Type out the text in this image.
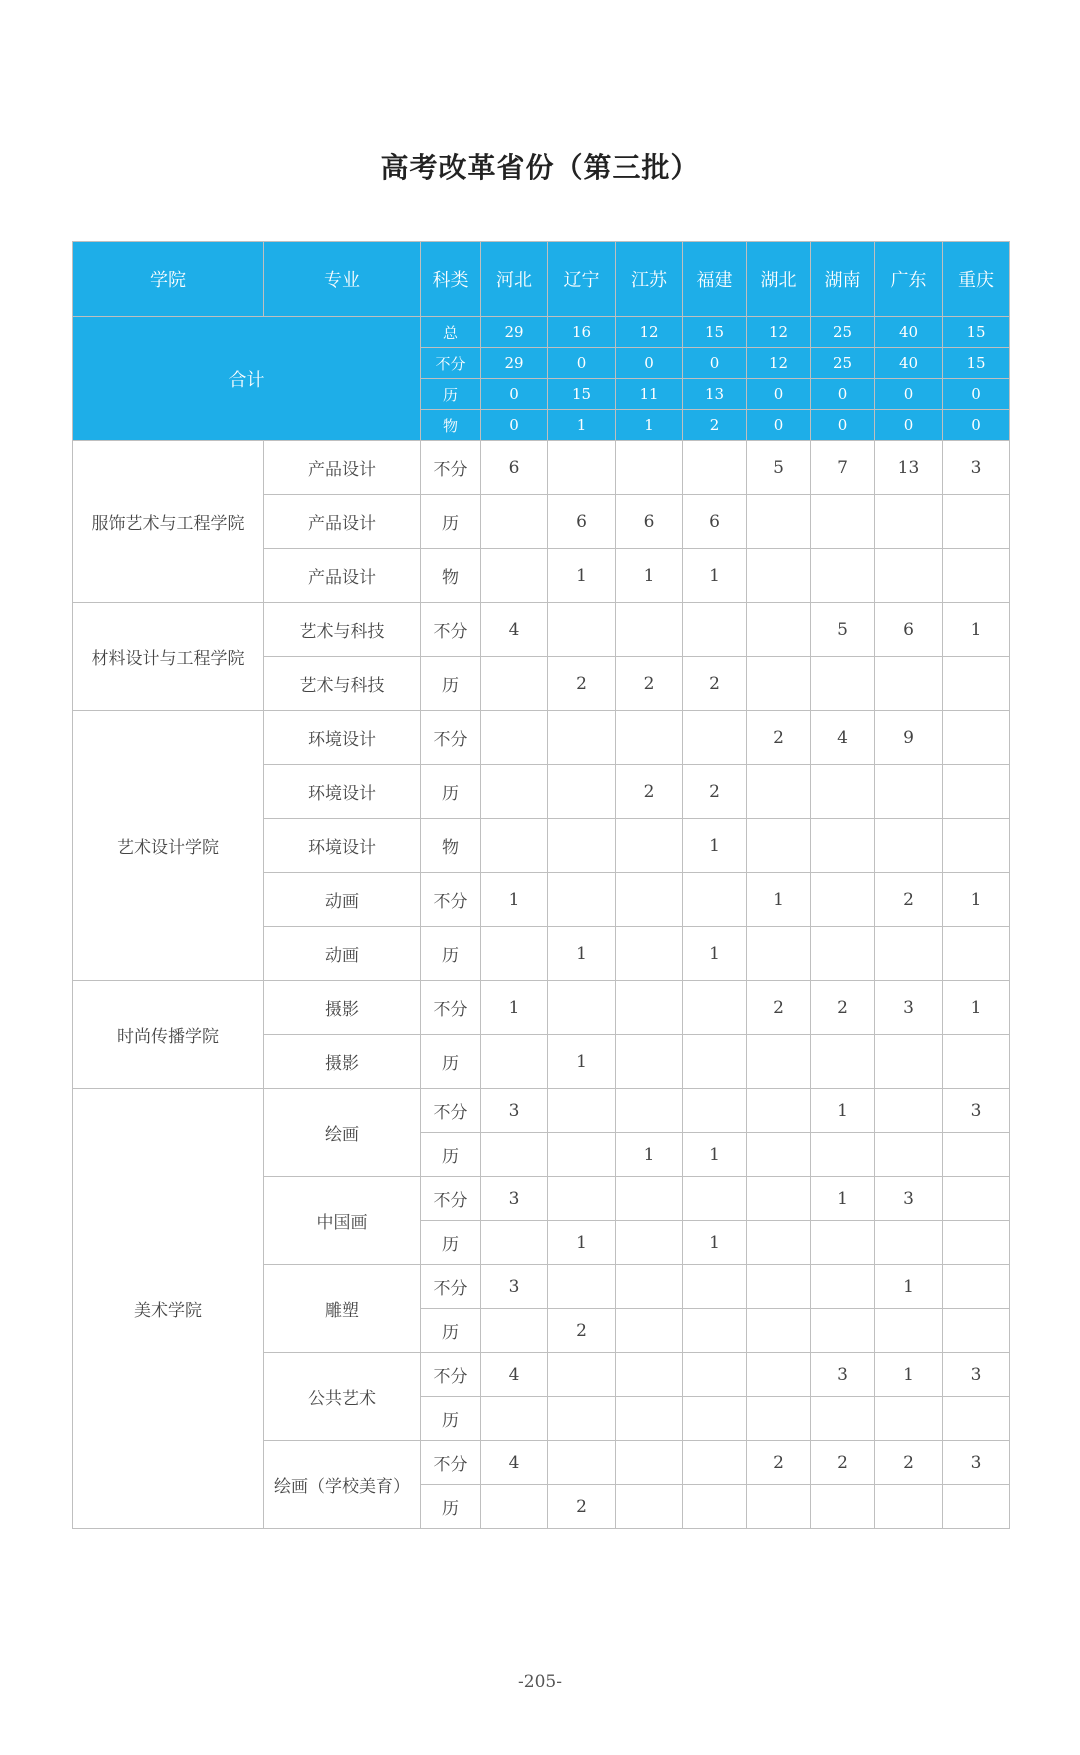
高考改革省份（第三批）
学院	专业	科类	河北	辽宁	江苏	福建	湖北	湖南	广东	重庆
合计		总	29	16	12	15	12	25	40	15
		不分	29	0	0	0	12	25	40	15
		历	0	15	11	13	0	0	0	0
		物	0	1	1	2	0	0	0	0
服饰艺术与工程学院	产品设计	不分	6				5	7	13	3
	产品设计	历		6	6	6				
	产品设计	物		1	1	1				
材料设计与工程学院	艺术与科技	不分	4					5	6	1
	艺术与科技	历		2	2	2				
艺术设计学院	环境设计	不分					2	4	9	
	环境设计	历			2	2				
	环境设计	物				1				
	动画	不分	1				1		2	1
	动画	历		1		1				
时尚传播学院	摄影	不分	1				2	2	3	1
	摄影	历		1						
美术学院	绘画	不分	3					1		3
		历			1	1				
	中国画	不分	3					1	3	
		历		1		1				
	雕塑	不分	3						1	
		历		2						
	公共艺术	不分	4					3	1	3
		历								
	绘画（学校美育）	不分	4				2	2	2	3
		历		2						
-205-
